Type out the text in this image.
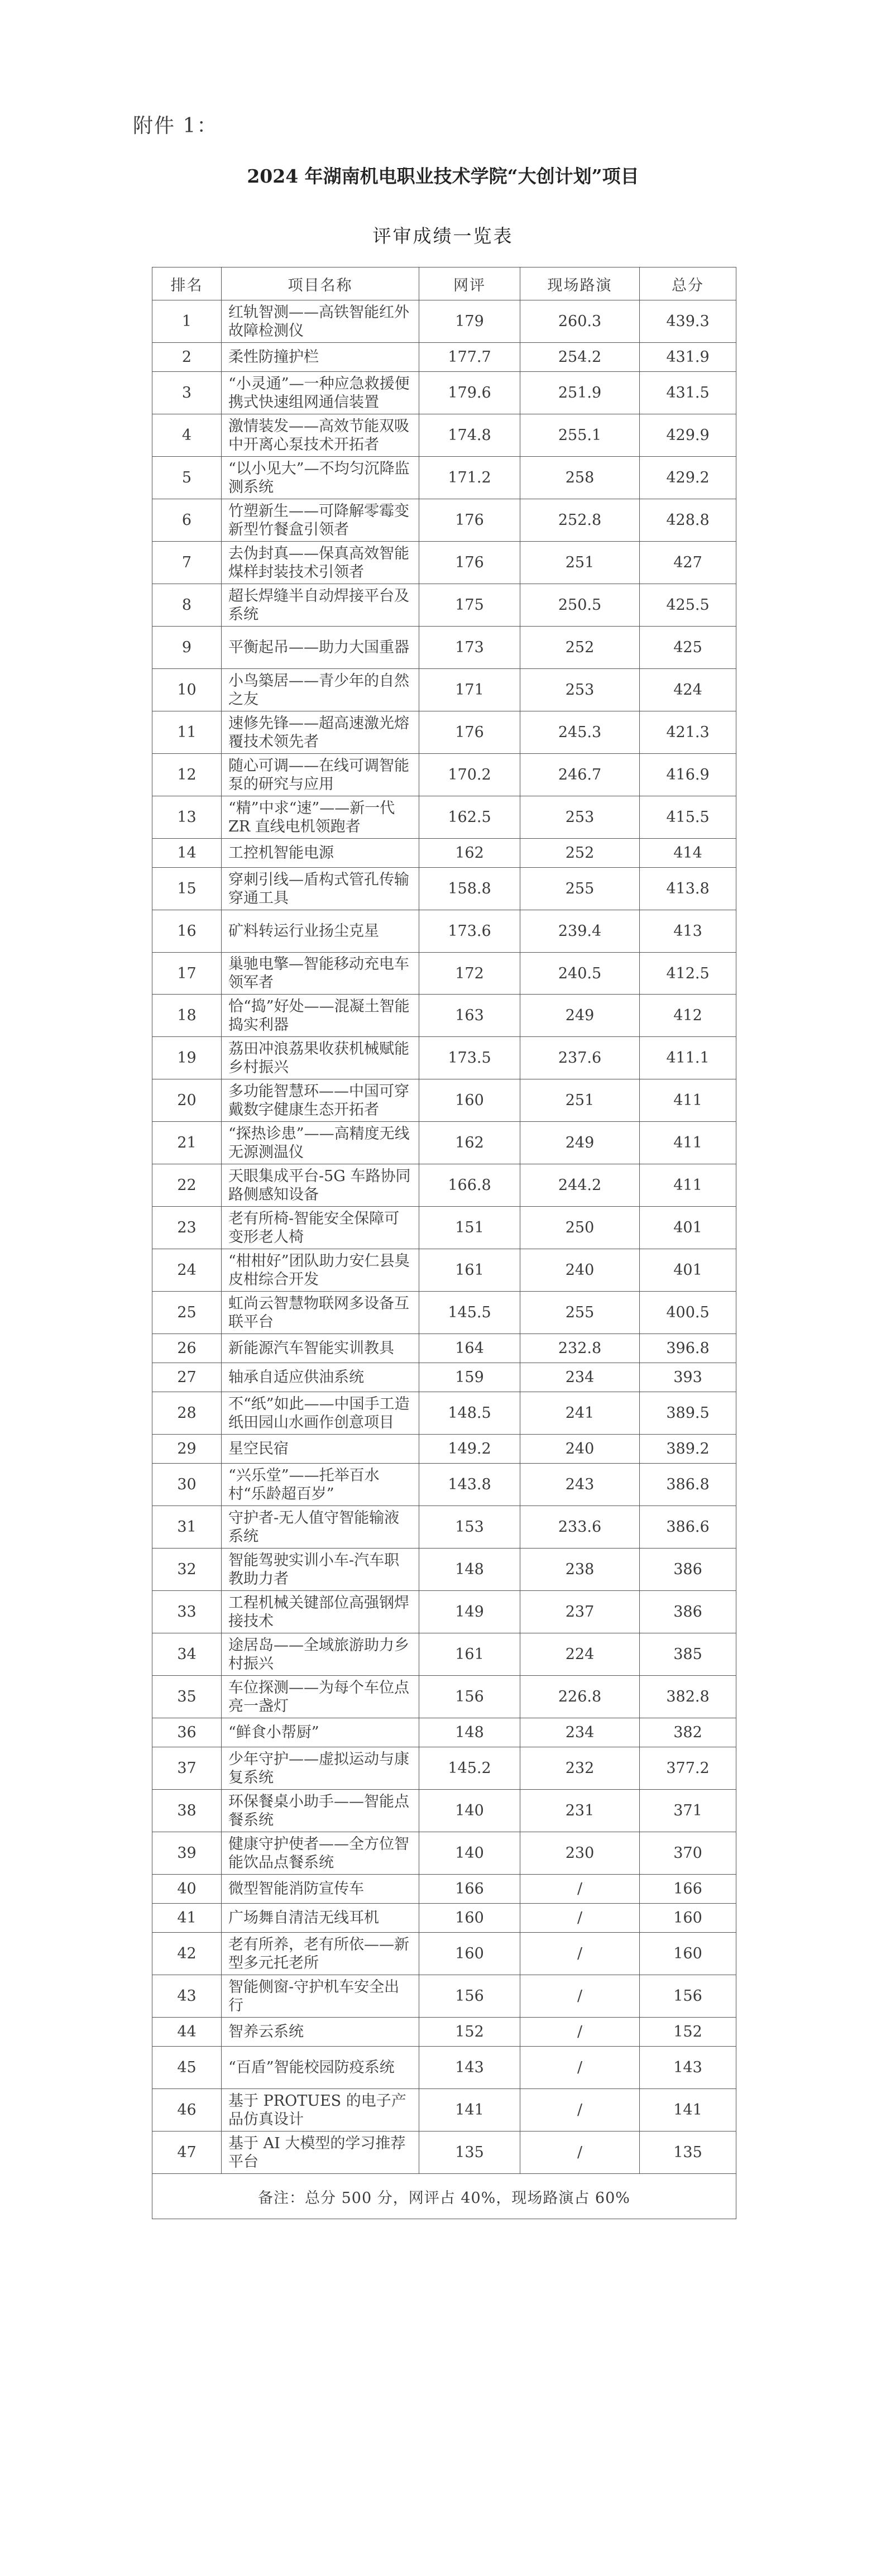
附件 1：
2024 年湖南机电职业技术学院“大创计划”项目
评审成绩一览表
排名	项目名称	网评	现场路演	总分
1	红轨智测——高铁智能红外故障检测仪	179	260.3	439.3
2	柔性防撞护栏	177.7	254.2	431.9
3	“小灵通”—一种应急救援便携式快速组网通信装置	179.6	251.9	431.5
4	激情装发——高效节能双吸中开离心泵技术开拓者	174.8	255.1	429.9
5	“以小见大”—不均匀沉降监测系统	171.2	258	429.2
6	竹塑新生——可降解零霉变新型竹餐盒引领者	176	252.8	428.8
7	去伪封真——保真高效智能煤样封装技术引领者	176	251	427
8	超长焊缝半自动焊接平台及系统	175	250.5	425.5
9	平衡起吊——助力大国重器	173	252	425
10	小鸟築居——青少年的自然之友	171	253	424
11	速修先锋——超高速激光熔覆技术领先者	176	245.3	421.3
12	随心可调——在线可调智能泵的研究与应用	170.2	246.7	416.9
13	“精”中求“速”——新一代 ZR 直线电机领跑者	162.5	253	415.5
14	工控机智能电源	162	252	414
15	穿刺引线—盾构式管孔传输穿通工具	158.8	255	413.8
16	矿料转运行业扬尘克星	173.6	239.4	413
17	巢驰电擎—智能移动充电车领军者	172	240.5	412.5
18	恰“捣”好处——混凝土智能捣实利器	163	249	412
19	荔田冲浪荔果收获机械赋能乡村振兴	173.5	237.6	411.1
20	多功能智慧环——中国可穿戴数字健康生态开拓者	160	251	411
21	“探热诊患”——高精度无线无源测温仪	162	249	411
22	天眼集成平台-5G 车路协同路侧感知设备	166.8	244.2	411
23	老有所椅-智能安全保障可变形老人椅	151	250	401
24	“柑柑好”团队助力安仁县臭皮柑综合开发	161	240	401
25	虹尚云智慧物联网多设备互联平台	145.5	255	400.5
26	新能源汽车智能实训教具	164	232.8	396.8
27	轴承自适应供油系统	159	234	393
28	不“纸”如此——中国手工造纸田园山水画作创意项目	148.5	241	389.5
29	星空民宿	149.2	240	389.2
30	“兴乐堂”——托举百水村“乐龄超百岁”	143.8	243	386.8
31	守护者-无人值守智能输液系统	153	233.6	386.6
32	智能驾驶实训小车-汽车职教助力者	148	238	386
33	工程机械关键部位高强钢焊接技术	149	237	386
34	途居岛——全域旅游助力乡村振兴	161	224	385
35	车位探测——为每个车位点亮一盏灯	156	226.8	382.8
36	“鲜食小帮厨”	148	234	382
37	少年守护——虚拟运动与康复系统	145.2	232	377.2
38	环保餐桌小助手——智能点餐系统	140	231	371
39	健康守护使者——全方位智能饮品点餐系统	140	230	370
40	微型智能消防宣传车	166	/	166
41	广场舞自清洁无线耳机	160	/	160
42	老有所养，老有所依——新型多元托老所	160	/	160
43	智能侧窗-守护机车安全出行	156	/	156
44	智养云系统	152	/	152
45	“百盾”智能校园防疫系统	143	/	143
46	基于 PROTUES 的电子产品仿真设计	141	/	141
47	基于 AI 大模型的学习推荐平台	135	/	135
备注：总分 500 分，网评占 40%，现场路演占 60%				
